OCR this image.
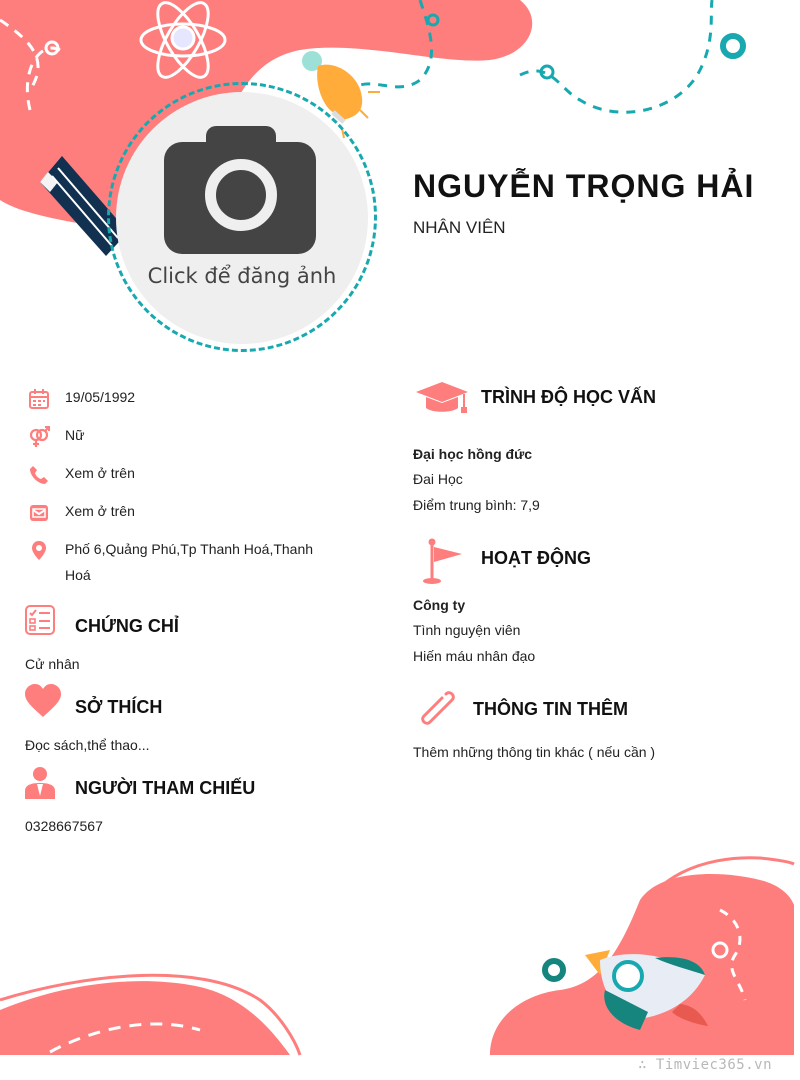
Click để đăng ảnh
NGUYỄN TRỌNG HẢI
NHÂN VIÊN
19/05/1992
Nữ
Xem ở trên
Xem ở trên
Phố 6,Quảng Phú,Tp Thanh Hoá,Thanh
Hoá
CHỨNG CHỈ
Cử nhân
SỞ THÍCH
Đọc sách,thể thao...
NGƯỜI THAM CHIẾU
0328667567
TRÌNH ĐỘ HỌC VẤN
Đại học hồng đức
Đai Học
Điểm trung bình: 7,9
HOẠT ĐỘNG
Công ty
Tình nguyện viên
Hiến máu nhân đạo
THÔNG TIN THÊM
Thêm những thông tin khác ( nếu cần )
∴ Timviec365.vn
